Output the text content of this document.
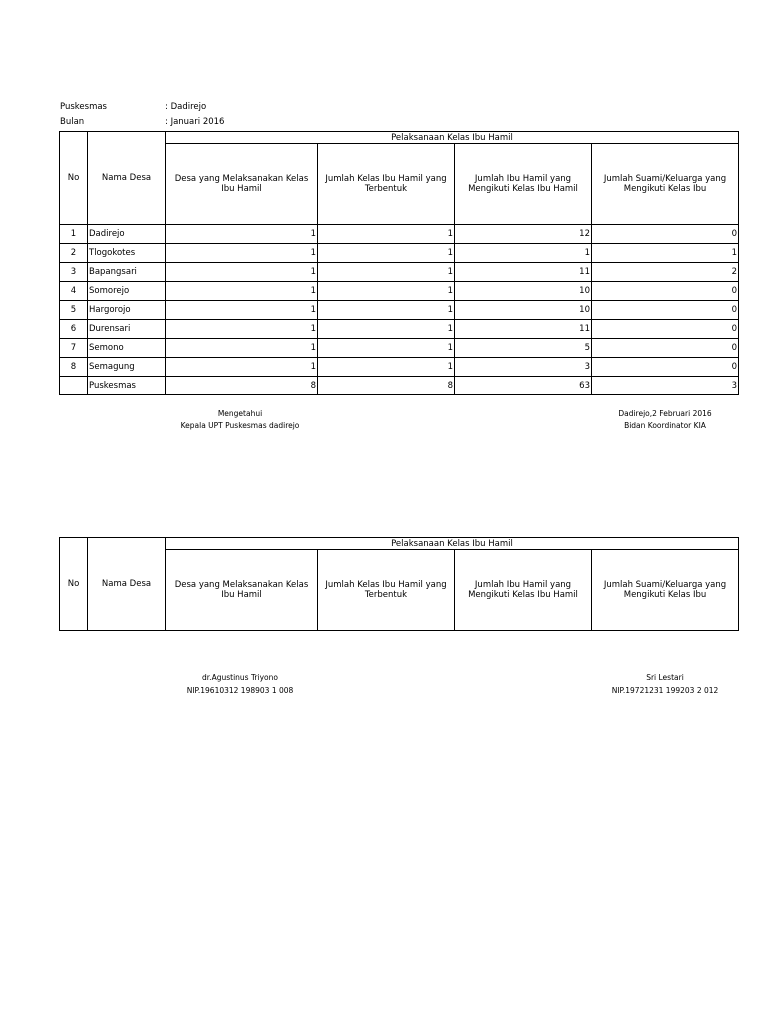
Puskesmas	: Dadirejo
Bulan	: Januari 2016
No	Nama Desa	Pelaksanaan Kelas Ibu Hamil			
		Desa yang Melaksanakan Kelas Ibu Hamil	Jumlah Kelas Ibu Hamil yang Terbentuk	Jumlah Ibu Hamil yang Mengikuti Kelas Ibu Hamil	Jumlah Suami/Keluarga yang Mengikuti Kelas Ibu
1	Dadirejo	1	1	12	0
2	Tlogokotes	1	1	1	1
3	Bapangsari	1	1	11	2
4	Somorejo	1	1	10	0
5	Hargorojo	1	1	10	0
6	Durensari	1	1	11	0
7	Semono	1	1	5	0
8	Semagung	1	1	3	0
	Puskesmas	8	8	63	3
Mengetahui
Kepala UPT Puskesmas dadirejo
Dadirejo,2 Februari 2016
Bidan Koordinator KIA
No	Nama Desa	Pelaksanaan Kelas Ibu Hamil			
		Desa yang Melaksanakan Kelas Ibu Hamil	Jumlah Kelas Ibu Hamil yang Terbentuk	Jumlah Ibu Hamil yang Mengikuti Kelas Ibu Hamil	Jumlah Suami/Keluarga yang Mengikuti Kelas Ibu
dr.Agustinus Triyono
NIP.19610312 198903 1 008
Sri Lestari
NIP.19721231 199203 2 012
